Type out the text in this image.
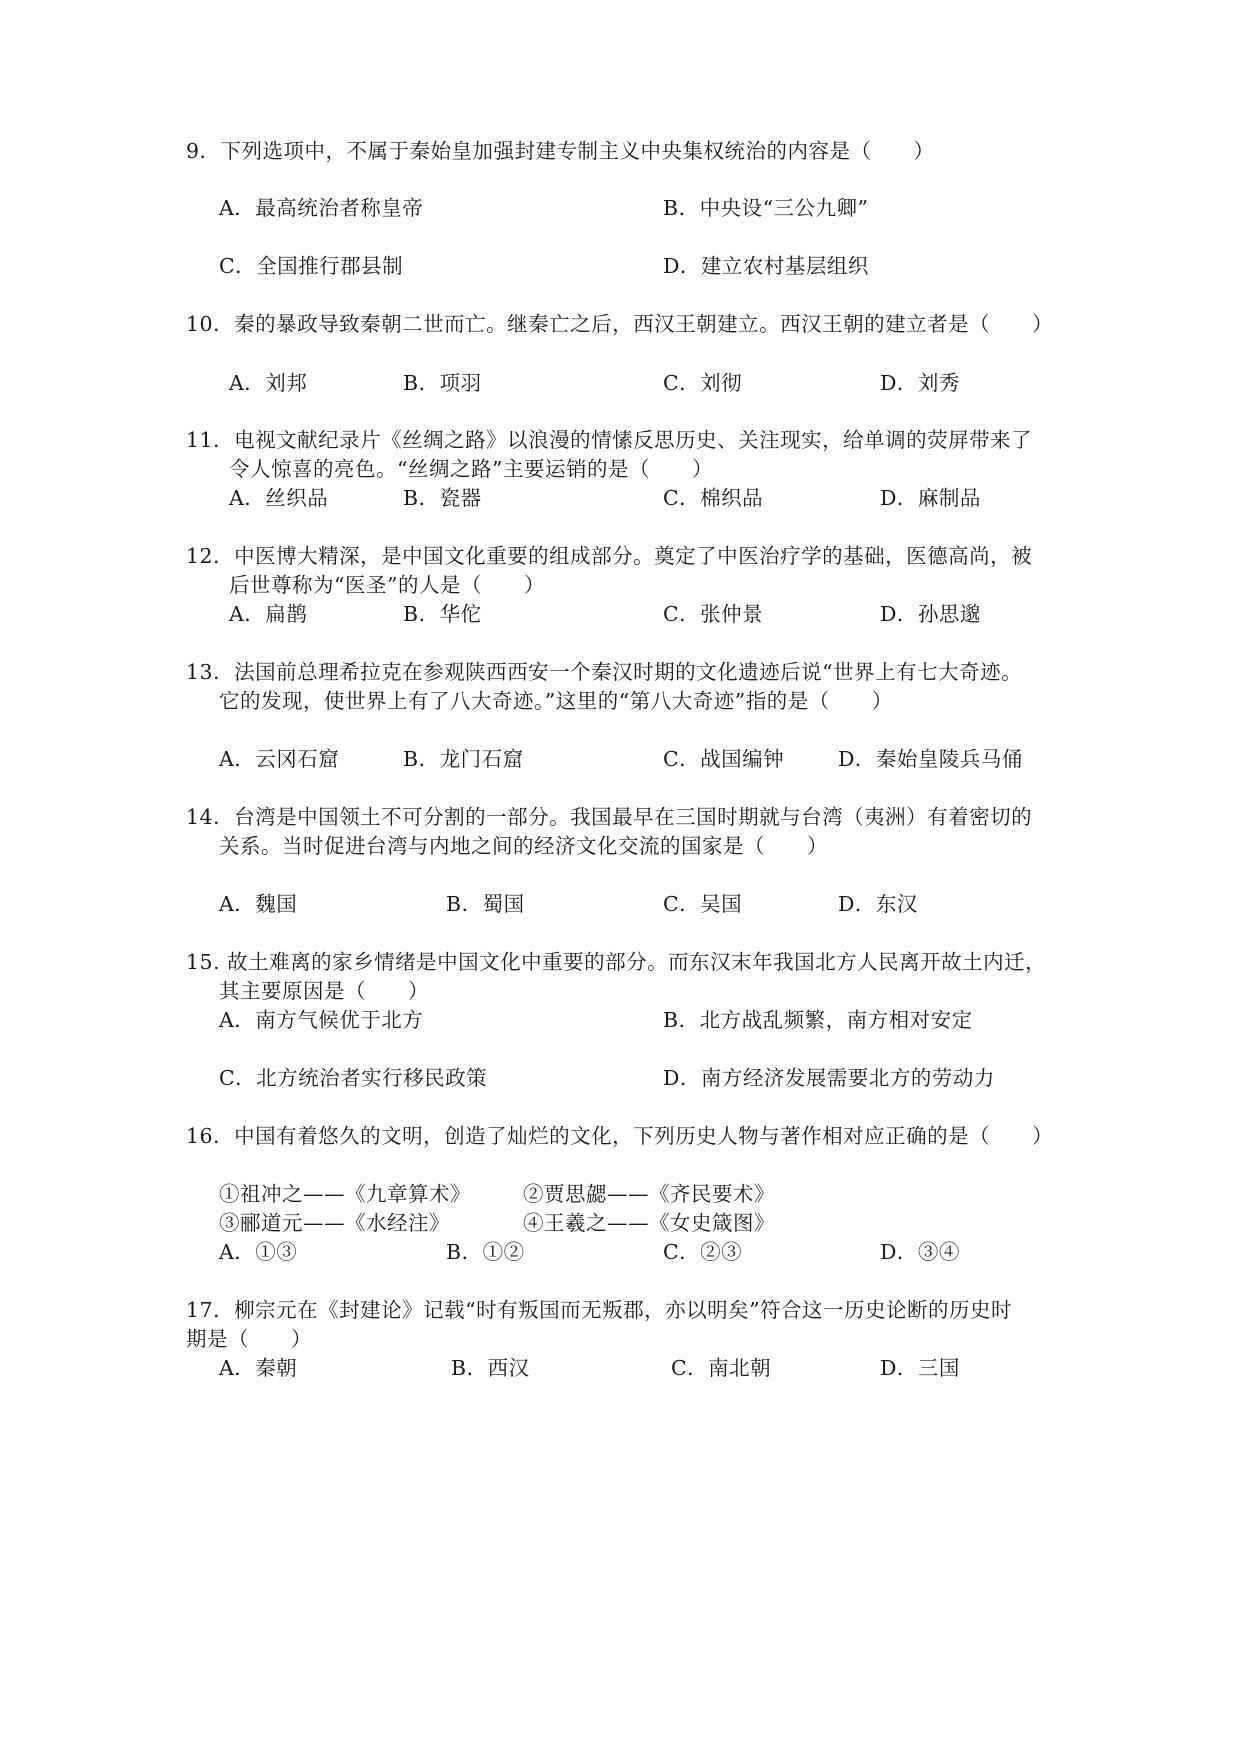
9．下列选项中，不属于秦始皇加强封建专制主义中央集权统治的内容是（　　）
A．最高统治者称皇帝	B．中央设“三公九卿”
C．全国推行郡县制	D．建立农村基层组织
10．秦的暴政导致秦朝二世而亡。继秦亡之后，西汉王朝建立。西汉王朝的建立者是（　　）
A．刘邦	B．项羽	C．刘彻	D．刘秀
11．电视文献纪录片《丝绸之路》以浪漫的情愫反思历史、关注现实，给单调的荧屏带来了
令人惊喜的亮色。“丝绸之路”主要运销的是（　　）
A．丝织品	B．瓷器	C．棉织品	D．麻制品
12．中医博大精深，是中国文化重要的组成部分。奠定了中医治疗学的基础，医德高尚，被
后世尊称为“医圣”的人是（　　）
A．扁鹊	B．华佗	C．张仲景	D．孙思邈
13．法国前总理希拉克在参观陕西西安一个秦汉时期的文化遗迹后说“世界上有七大奇迹。
它的发现，使世界上有了八大奇迹。”这里的“第八大奇迹”指的是（　　）
A．云冈石窟	B．龙门石窟	C．战国编钟	D．秦始皇陵兵马俑
14．台湾是中国领土不可分割的一部分。我国最早在三国时期就与台湾（夷洲）有着密切的
关系。当时促进台湾与内地之间的经济文化交流的国家是（　　）
A．魏国	B．蜀国	C．吴国	D．东汉
15. 故土难离的家乡情绪是中国文化中重要的部分。而东汉末年我国北方人民离开故土内迁，
其主要原因是（　　）
A．南方气候优于北方	B．北方战乱频繁，南方相对安定
C．北方统治者实行移民政策	D．南方经济发展需要北方的劳动力
16．中国有着悠久的文明，创造了灿烂的文化，下列历史人物与著作相对应正确的是（　　）
①祖冲之——《九章算术》	②贾思勰——《齐民要术》
③郦道元——《水经注》	④王羲之——《女史箴图》
A．①③	B．①②	C．②③	D．③④
17．柳宗元在《封建论》记载“时有叛国而无叛郡，亦以明矣”符合这一历史论断的历史时
期是（　　）
A．秦朝	B．西汉	C．南北朝	D．三国
